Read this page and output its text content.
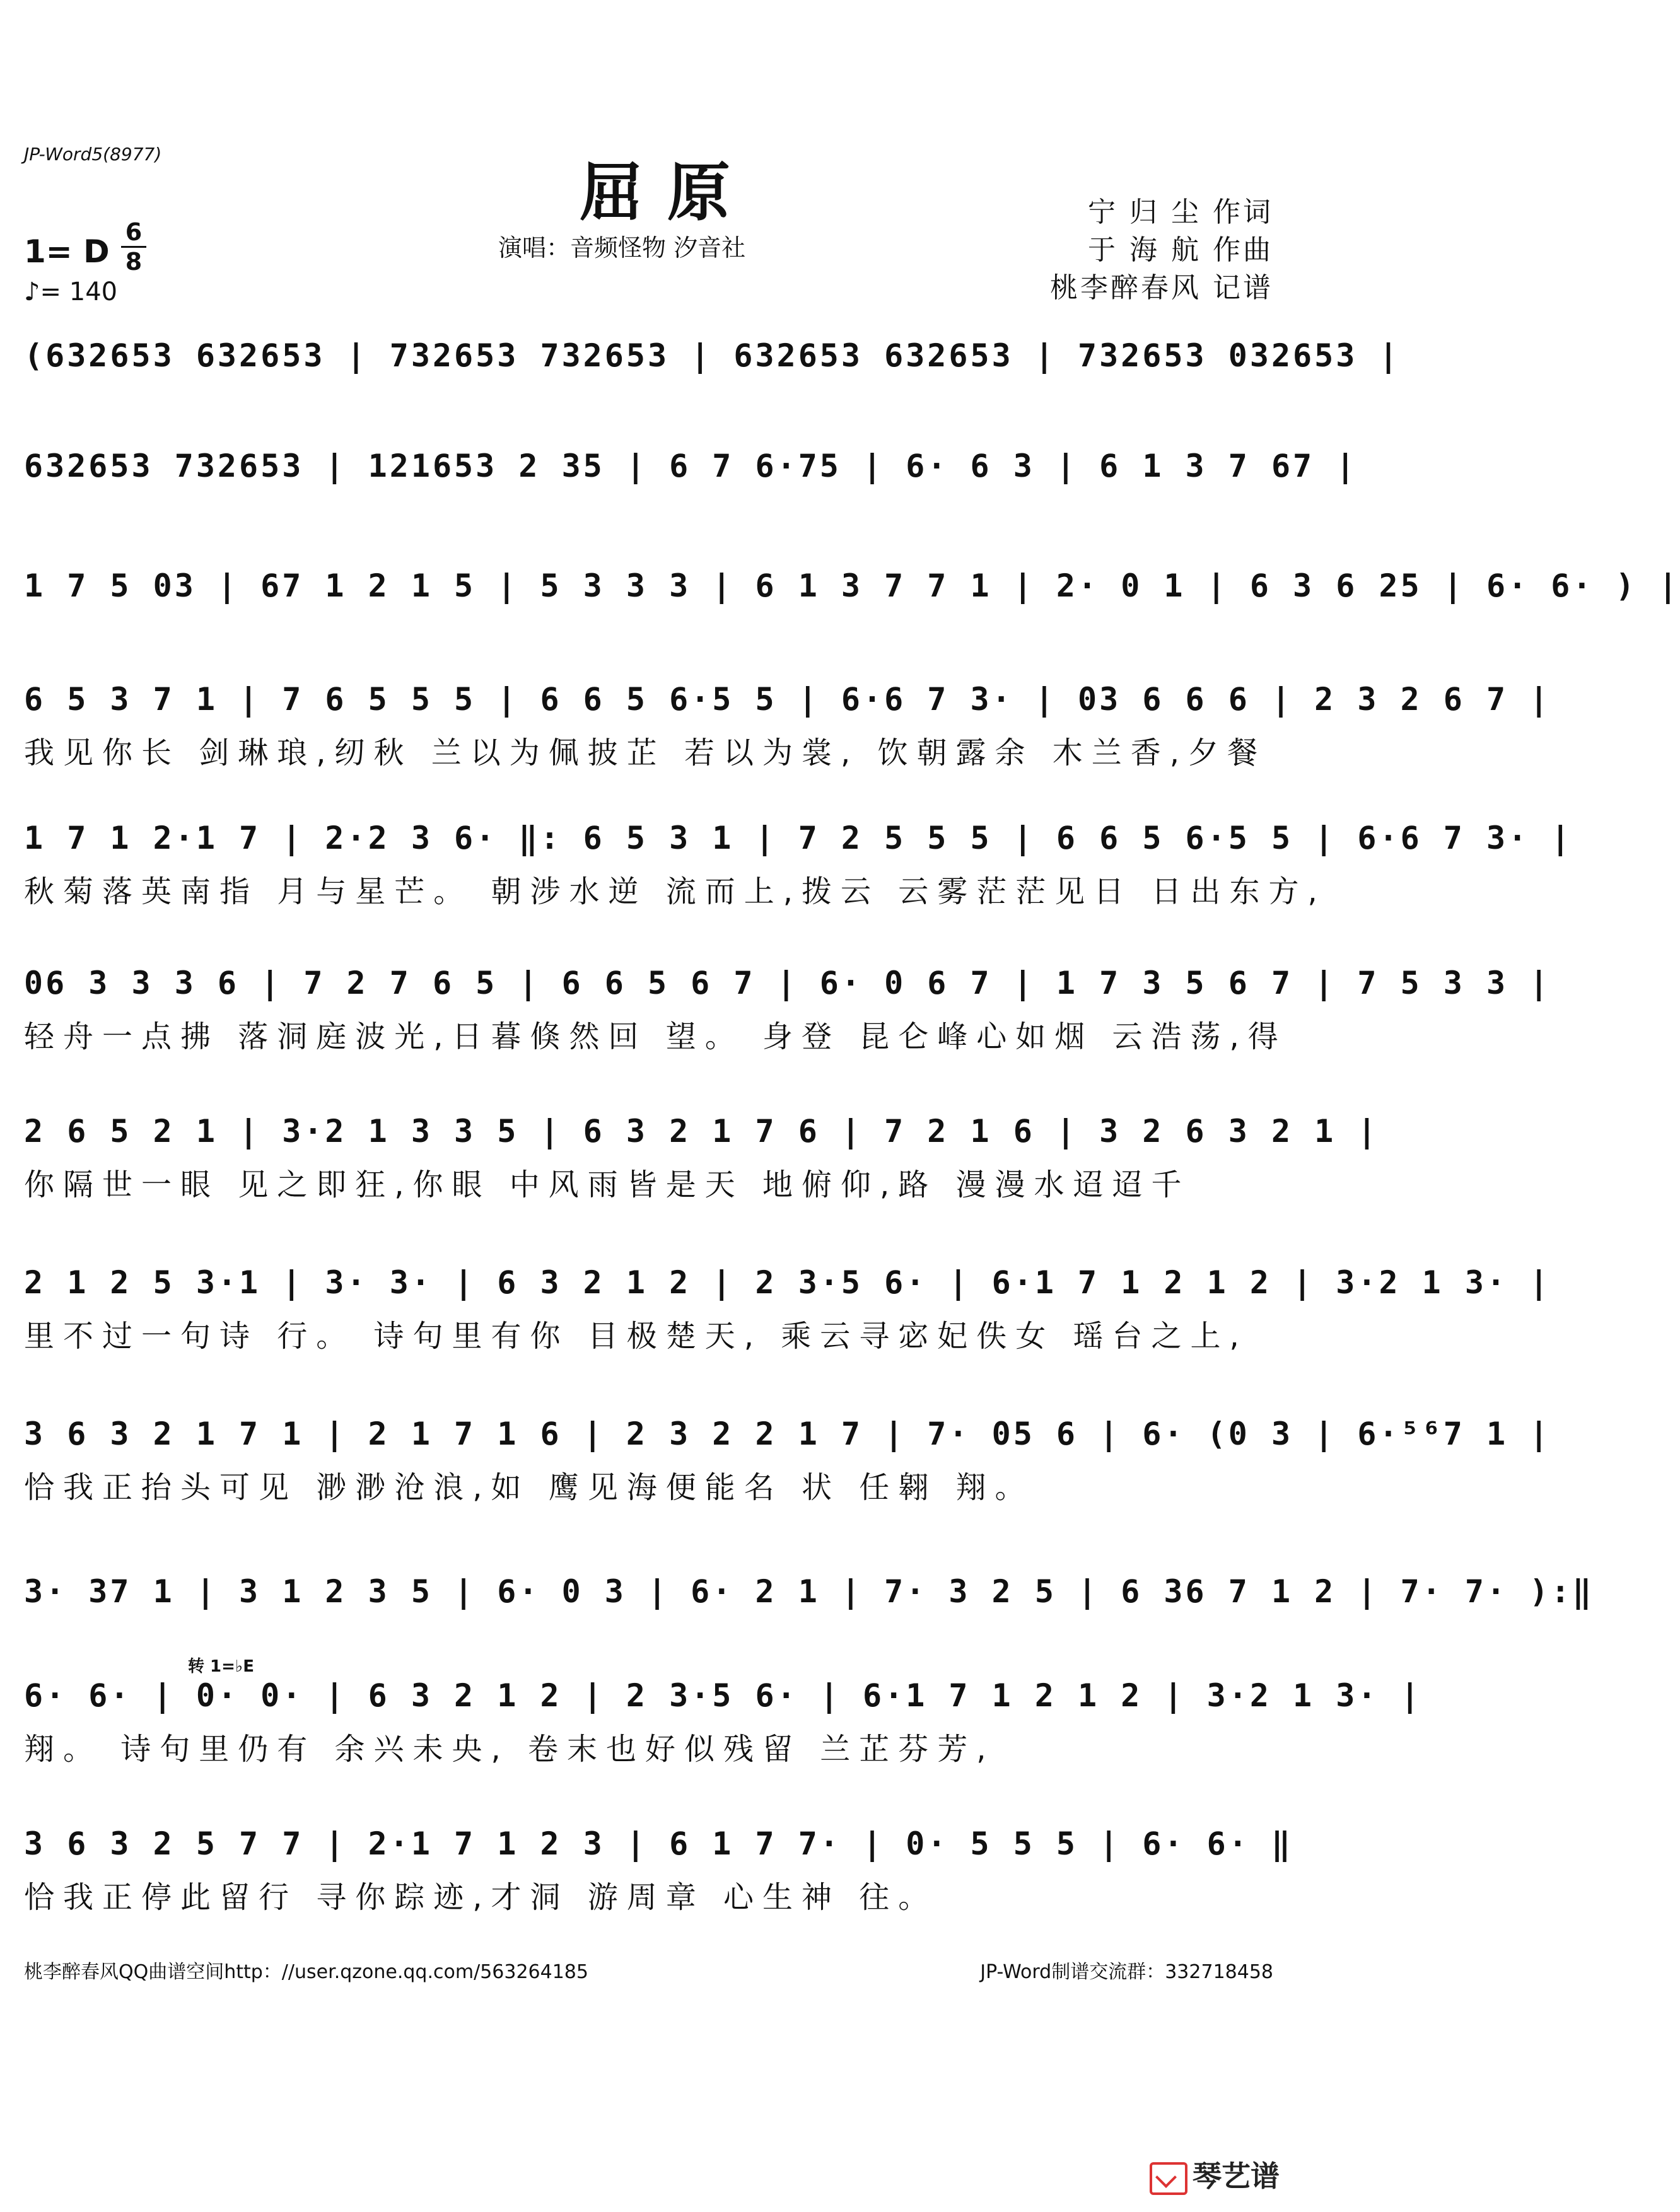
JP-Word5(8977)
屈 原
演唱：音频怪物 汐音社
宁 归 尘 作词
于 海 航 作曲
桃李醉春风 记谱
1= D
6
8
♪= 140
(632653 632653 | 732653 732653 | 632653 632653 | 732653 032653 |
632653 732653 | 121653 2 35 | 6 7 6·75 | 6· 6 3 | 6 1 3 7 67 |
1 7 5 03 | 67 1 2 1 5 | 5 3 3 3 | 6 1 3 7 7 1 | 2· 0 1 | 6 3 6 25 | 6· 6· ) |
6 5 3 7 1 | 7 6 5 5 5 | 6 6 5 6·5 5 | 6·6 7 3· | 03 6 6 6 | 2 3 2 6 7 |
我见你长 剑琳琅,纫秋 兰以为佩披芷 若以为裳, 饮朝露余 木兰香,夕餐
1 7 1 2·1 7 | 2·2 3 6· ‖: 6 5 3 1 | 7 2 5 5 5 | 6 6 5 6·5 5 | 6·6 7 3· |
秋菊落英南指 月与星芒。 朝涉水逆 流而上,拨云 云雾茫茫见日 日出东方,
06 3 3 3 6 | 7 2 7 6 5 | 6 6 5 6 7 | 6· 0 6 7 | 1 7 3 5 6 7 | 7 5 3 3 |
轻舟一点拂 落洞庭波光,日暮倏然回 望。 身登 昆仑峰心如烟 云浩荡,得
2 6 5 2 1 | 3·2 1 3 3 5 | 6 3 2 1 7 6 | 7 2 1 6 | 3 2 6 3 2 1 |
你隔世一眼 见之即狂,你眼 中风雨皆是天 地俯仰,路 漫漫水迢迢千
2 1 2 5 3·1 | 3· 3· | 6 3 2 1 2 | 2 3·5 6· | 6·1 7 1 2 1 2 | 3·2 1 3· |
里不过一句诗 行。 诗句里有你 目极楚天, 乘云寻宓妃佚女 瑶台之上,
3 6 3 2 1 7 1 | 2 1 7 1 6 | 2 3 2 2 1 7 | 7· 05 6 | 6· (0 3 | 6·⁵⁶7 1 |
恰我正抬头可见 渺渺沧浪,如 鹰见海便能名 状 任翱 翔。
3· 37 1 | 3 1 2 3 5 | 6· 0 3 | 6· 2 1 | 7· 3 2 5 | 6 36 7 1 2 | 7· 7· ):‖
转 1=♭E
6· 6· | 0· 0· | 6 3 2 1 2 | 2 3·5 6· | 6·1 7 1 2 1 2 | 3·2 1 3· |
翔。 诗句里仍有 余兴未央, 卷末也好似残留 兰芷芬芳,
3 6 3 2 5 7 7 | 2·1 7 1 2 3 | 6 1 7 7· | 0· 5 5 5 | 6· 6· ‖
恰我正停此留行 寻你踪迹,才洞 游周章 心生神 往。
桃李醉春风QQ曲谱空间http：//user.qzone.qq.com/563264185	JP-Word制谱交流群：332718458
琴艺谱
